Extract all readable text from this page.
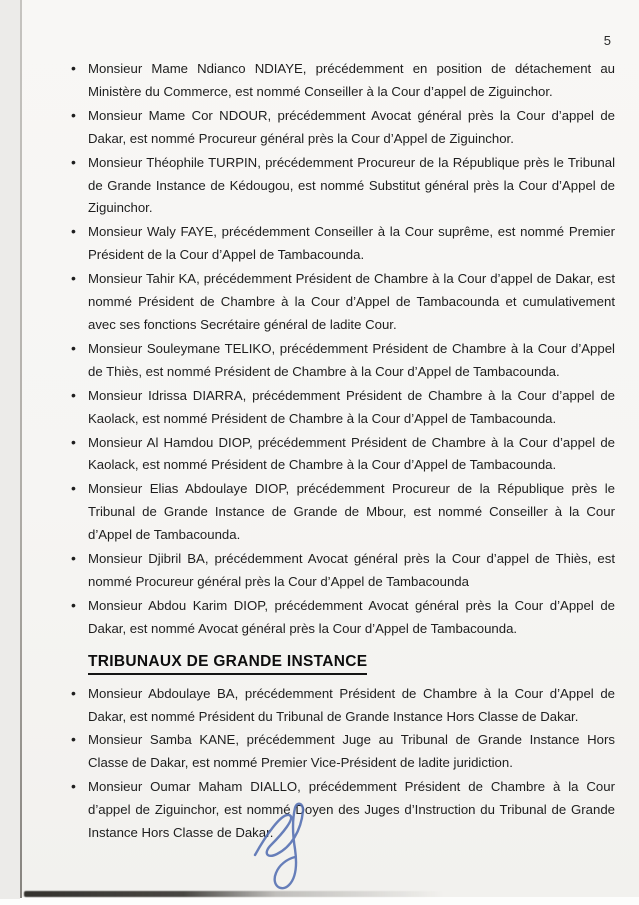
5
• Monsieur Mame Ndianco NDIAYE, précédemment en position de détachement au Ministère du Commerce, est nommé Conseiller à la Cour d’appel de Ziguinchor.
• Monsieur Mame Cor NDOUR, précédemment Avocat général près la Cour d’appel de Dakar, est nommé Procureur général près la Cour d’Appel de Ziguinchor.
• Monsieur Théophile TURPIN, précédemment Procureur de la République près le Tribunal de Grande Instance de Kédougou, est nommé Substitut général près la Cour d’Appel de Ziguinchor.
• Monsieur Waly FAYE, précédemment Conseiller à la Cour suprême, est nommé Premier Président de la Cour d’Appel de Tambacounda.
• Monsieur Tahir KA, précédemment Président de Chambre à la Cour d’appel de Dakar, est nommé Président de Chambre à la Cour d’Appel de Tambacounda et cumulativement avec ses fonctions Secrétaire général de ladite Cour.
• Monsieur Souleymane TELIKO, précédemment Président de Chambre à la Cour d’Appel de Thiès, est nommé Président de Chambre à la Cour d’Appel de Tambacounda.
• Monsieur Idrissa DIARRA, précédemment Président de Chambre à la Cour d’appel de Kaolack, est nommé Président de Chambre à la Cour d’Appel de Tambacounda.
• Monsieur Al Hamdou DIOP, précédemment Président de Chambre à la Cour d’appel de Kaolack, est nommé Président de Chambre à la Cour d’Appel de Tambacounda.
• Monsieur Elias Abdoulaye DIOP, précédemment Procureur de la République près le Tribunal de Grande Instance de Grande de Mbour, est nommé Conseiller à la Cour d’Appel de Tambacounda.
• Monsieur Djibril BA, précédemment Avocat général près la Cour d’appel de Thiès, est nommé Procureur général près la Cour d’Appel de Tambacounda
• Monsieur Abdou Karim DIOP, précédemment Avocat général près la Cour d’Appel de Dakar, est nommé Avocat général près la Cour d’Appel de Tambacounda.
TRIBUNAUX DE GRANDE INSTANCE
• Monsieur Abdoulaye BA, précédemment Président de Chambre à la Cour d’Appel de Dakar, est nommé Président du Tribunal de Grande Instance Hors Classe de Dakar.
• Monsieur Samba KANE, précédemment Juge au Tribunal de Grande Instance Hors Classe de Dakar, est nommé Premier Vice-Président de ladite juridiction.
• Monsieur Oumar Maham DIALLO, précédemment Président de Chambre à la Cour d’appel de Ziguinchor, est nommé Doyen des Juges d’Instruction du Tribunal de Grande Instance Hors Classe de Dakar.
